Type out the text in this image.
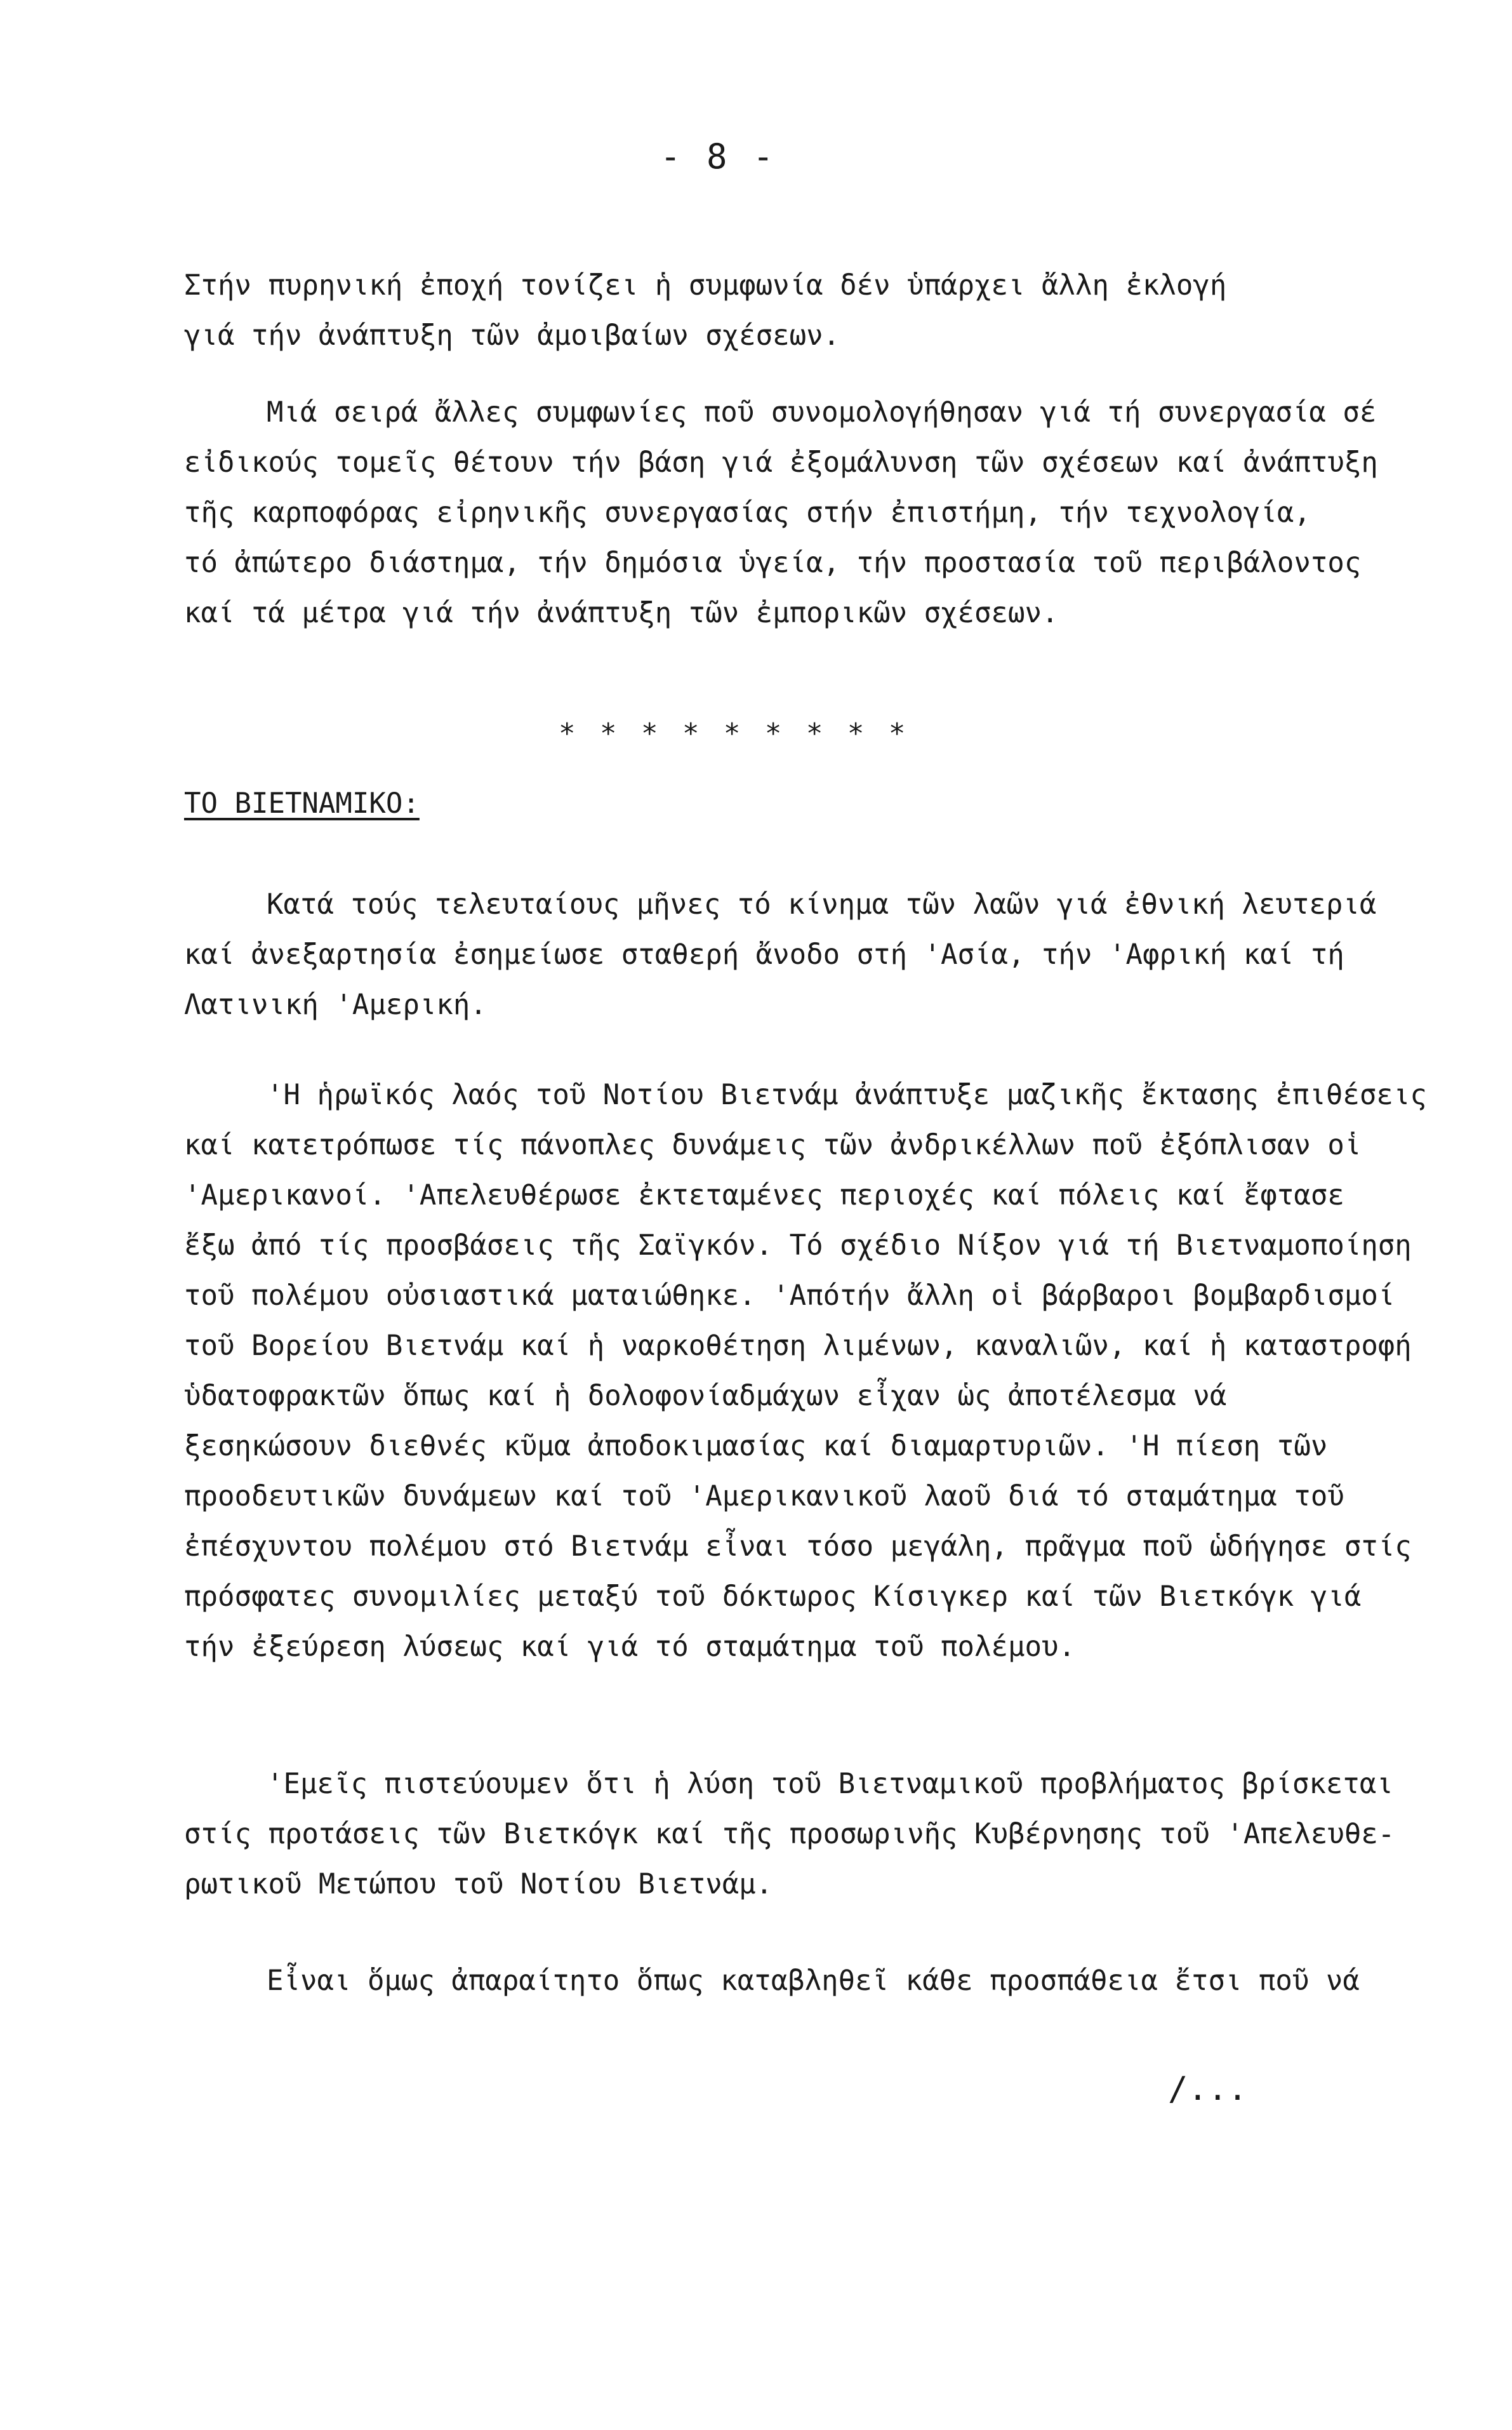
- 8 -
Στήν πυρηνική ἐποχή τονίζει ἡ συμφωνία δέν ὑπάρχει ἄλλη ἐκλογή
γιά τήν ἀνάπτυξη τῶν ἀμοιβαίων σχέσεων.
Μιά σειρά ἄλλες συμφωνίες ποῦ συνομολογήθησαν γιά τή συνεργασία σέ
εἰδικούς τομεῖς θέτουν τήν βάση γιά ἐξομάλυνση τῶν σχέσεων καί ἀνάπτυξη
τῆς καρποφόρας εἰρηνικῆς συνεργασίας στήν ἐπιστήμη, τήν τεχνολογία,
τό ἀπώτερο διάστημα, τήν δημόσια ὑγεία, τήν προστασία τοῦ περιβάλοντος
καί τά μέτρα γιά τήν ἀνάπτυξη τῶν ἐμπορικῶν σχέσεων.
* * * * * * * * *
ΤΟ ΒΙΕΤΝΑΜΙΚΟ:
Κατά τούς τελευταίους μῆνες τό κίνημα τῶν λαῶν γιά ἐθνική λευτεριά
καί ἀνεξαρτησία ἐσημείωσε σταθερή ἄνοδο στή 'Ασία, τήν 'Αφρική καί τή
Λατινική 'Αμερική.
'Η ἡρωϊκός λαός τοῦ Νοτίου Βιετνάμ ἀνάπτυξε μαζικῆς ἔκτασης ἐπιθέσεις
καί κατετρόπωσε τίς πάνοπλες δυνάμεις τῶν ἀνδρικέλλων ποῦ ἐξόπλισαν οἱ
'Αμερικανοί. 'Απελευθέρωσε ἐκτεταμένες περιοχές καί πόλεις καί ἔφτασε
ἔξω ἀπό τίς προσβάσεις τῆς Σαϊγκόν. Τό σχέδιο Νίξον γιά τή Βιετναμοποίηση
τοῦ πολέμου οὐσιαστικά ματαιώθηκε. 'Απότήν ἄλλη οἱ βάρβαροι βομβαρδισμοί
τοῦ Βορείου Βιετνάμ καί ἡ ναρκοθέτηση λιμένων, καναλιῶν, καί ἡ καταστροφή
ὑδατοφρακτῶν ὅπως καί ἡ δολοφονίαδμάχων εἶχαν ὡς ἀποτέλεσμα νά
ξεσηκώσουν διεθνές κῦμα ἀποδοκιμασίας καί διαμαρτυριῶν. 'Η πίεση τῶν
προοδευτικῶν δυνάμεων καί τοῦ 'Αμερικανικοῦ λαοῦ διά τό σταμάτημα τοῦ
ἐπέσχυντου πολέμου στό Βιετνάμ εἶναι τόσο μεγάλη, πρᾶγμα ποῦ ὡδήγησε στίς
πρόσφατες συνομιλίες μεταξύ τοῦ δόκτωρος Κίσιγκερ καί τῶν Βιετκόγκ γιά
τήν ἐξεύρεση λύσεως καί γιά τό σταμάτημα τοῦ πολέμου.
'Εμεῖς πιστεύουμεν ὅτι ἡ λύση τοῦ Βιετναμικοῦ προβλήματος βρίσκεται
στίς προτάσεις τῶν Βιετκόγκ καί τῆς προσωρινῆς Κυβέρνησης τοῦ 'Απελευθε-
ρωτικοῦ Μετώπου τοῦ Νοτίου Βιετνάμ.
Εἶναι ὅμως ἀπαραίτητο ὅπως καταβληθεῖ κάθε προσπάθεια ἔτσι ποῦ νά
/...
